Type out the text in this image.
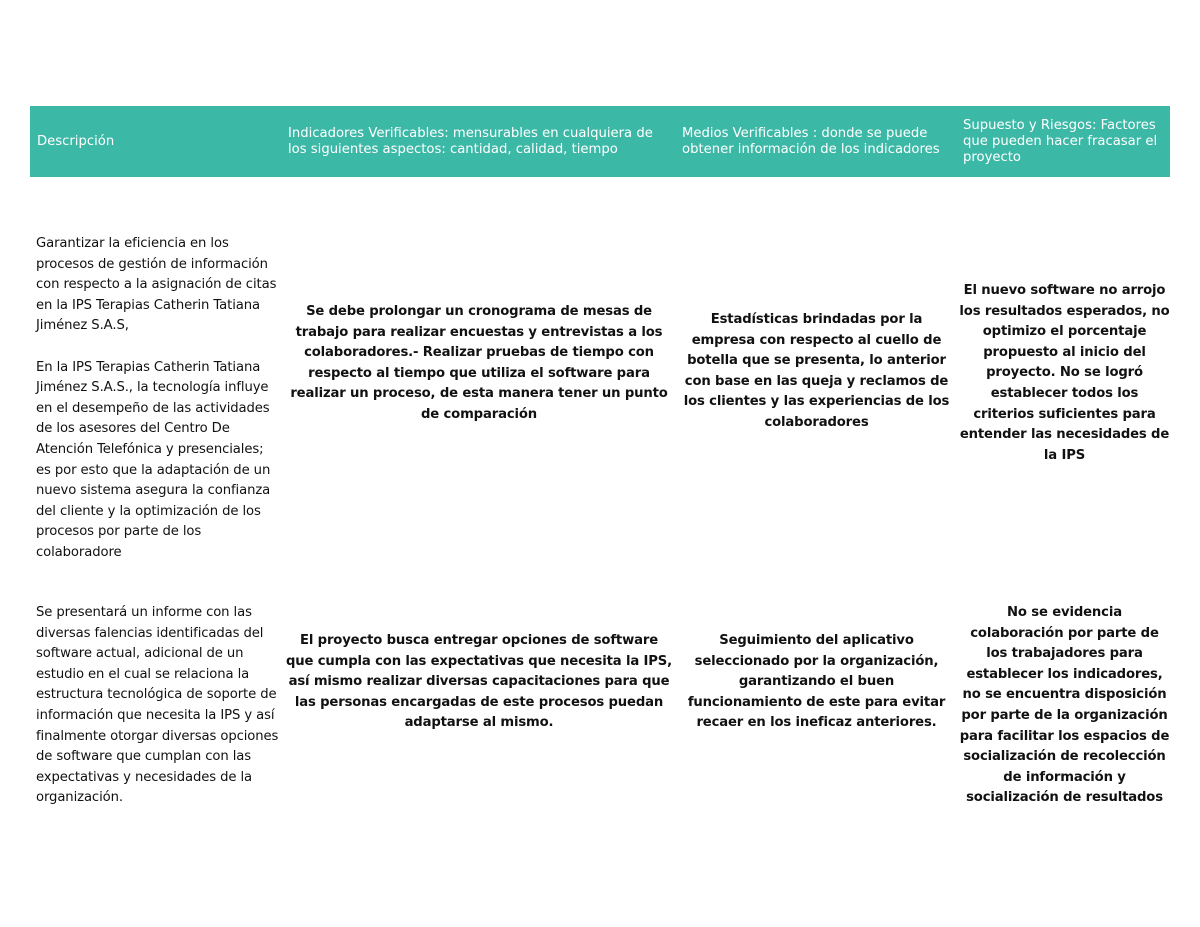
Descripción
Indicadores Verificables: mensurables en cualquiera de los siguientes aspectos: cantidad, calidad, tiempo
Medios Verificables : donde se puede obtener información de los indicadores
Supuesto y Riesgos: Factores que pueden hacer fracasar el proyecto

Garantizar la eficiencia en los procesos de gestión de información con respecto a la asignación de citas en la IPS Terapias Catherin Tatiana Jiménez S.A.S,

En la IPS Terapias Catherin Tatiana Jiménez S.A.S., la tecnología influye en el desempeño de las actividades de los asesores del Centro De Atención Telefónica y presenciales; es por esto que la adaptación de un nuevo sistema asegura la confianza del cliente y la optimización de los procesos por parte de los colaboradore

Se debe prolongar un cronograma de mesas de trabajo para realizar encuestas y entrevistas a los colaboradores.- Realizar pruebas de tiempo con respecto al tiempo que utiliza el software para realizar un proceso, de esta manera tener un punto de comparación
Estadísticas brindadas por la empresa con respecto al cuello de botella que se presenta, lo anterior con base en las queja y reclamos de los clientes y las experiencias de los colaboradores
El nuevo software no arrojo los resultados esperados, no optimizo el porcentaje propuesto al inicio del proyecto. No se logró establecer todos los criterios suficientes para entender las necesidades de la IPS

Se presentará un informe con las diversas falencias identificadas del software actual, adicional de un estudio en el cual se relaciona la estructura tecnológica de soporte de información que necesita la IPS y así finalmente otorgar diversas opciones de software que cumplan con las expectativas y necesidades de la organización.

El proyecto busca entregar opciones de software que cumpla con las expectativas que necesita la IPS, así mismo realizar diversas capacitaciones para que las personas encargadas de este procesos puedan adaptarse al mismo.
Seguimiento del aplicativo seleccionado por la organización, garantizando el buen funcionamiento de este para evitar recaer en los ineficaz anteriores.
No se evidencia colaboración por parte de los trabajadores para establecer los indicadores, no se encuentra disposición por parte de la organización para facilitar los espacios de socialización de recolección de información y socialización de resultados
